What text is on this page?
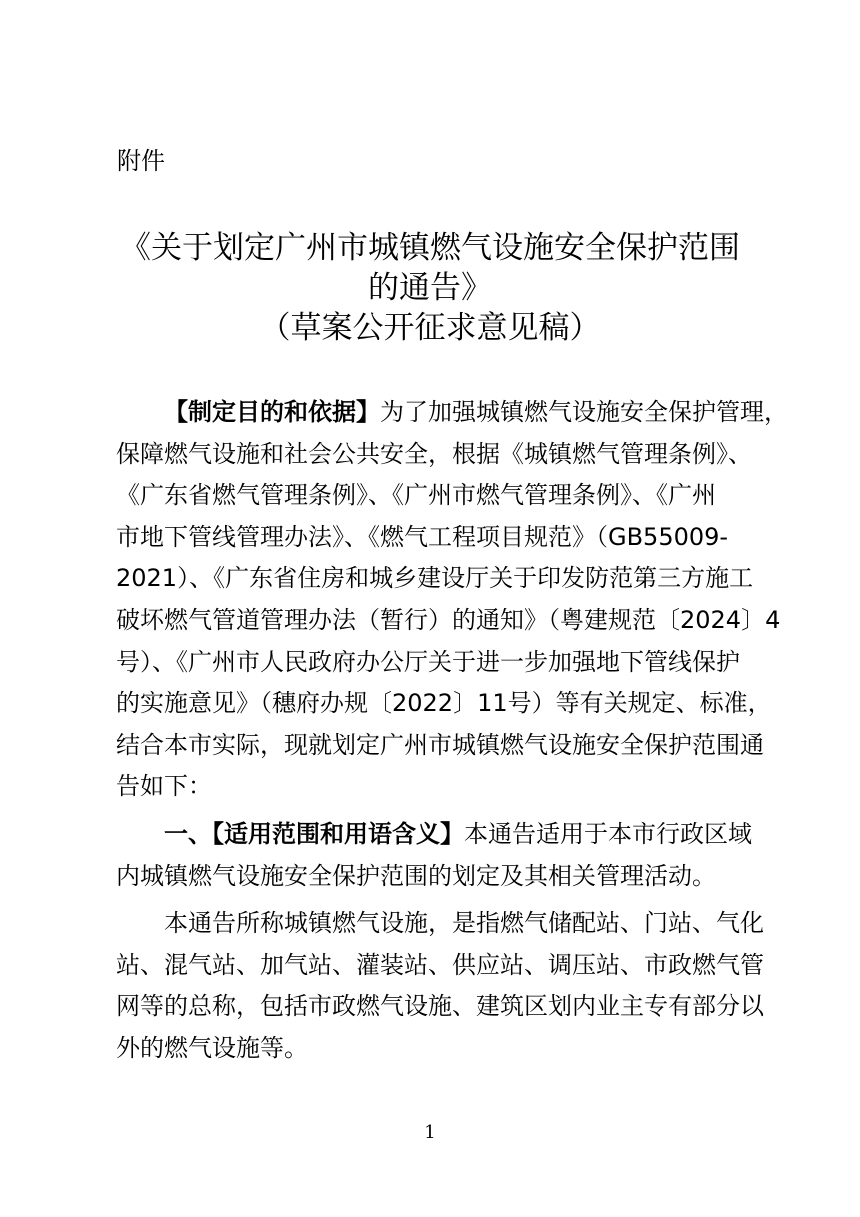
附件
《关于划定广州市城镇燃气设施安全保护范围
的通告》
（草案公开征求意见稿）

【制定目的和依据】为了加强城镇燃气设施安全保护管理，
保障燃气设施和社会公共安全，根据《城镇燃气管理条例》、
《广东省燃气管理条例》、《广州市燃气管理条例》、《广州
市地下管线管理办法》、《燃气工程项目规范》（GB55009-
2021）、《广东省住房和城乡建设厅关于印发防范第三方施工
破坏燃气管道管理办法（暂行）的通知》（粤建规范〔2024〕4
号）、《广州市人民政府办公厅关于进一步加强地下管线保护
的实施意见》（穗府办规〔2022〕11号）等有关规定、标准，
结合本市实际，现就划定广州市城镇燃气设施安全保护范围通
告如下：

一、【适用范围和用语含义】本通告适用于本市行政区域
内城镇燃气设施安全保护范围的划定及其相关管理活动。

本通告所称城镇燃气设施，是指燃气储配站、门站、气化
站、混气站、加气站、灌装站、供应站、调压站、市政燃气管
网等的总称，包括市政燃气设施、建筑区划内业主专有部分以
外的燃气设施等。

1
